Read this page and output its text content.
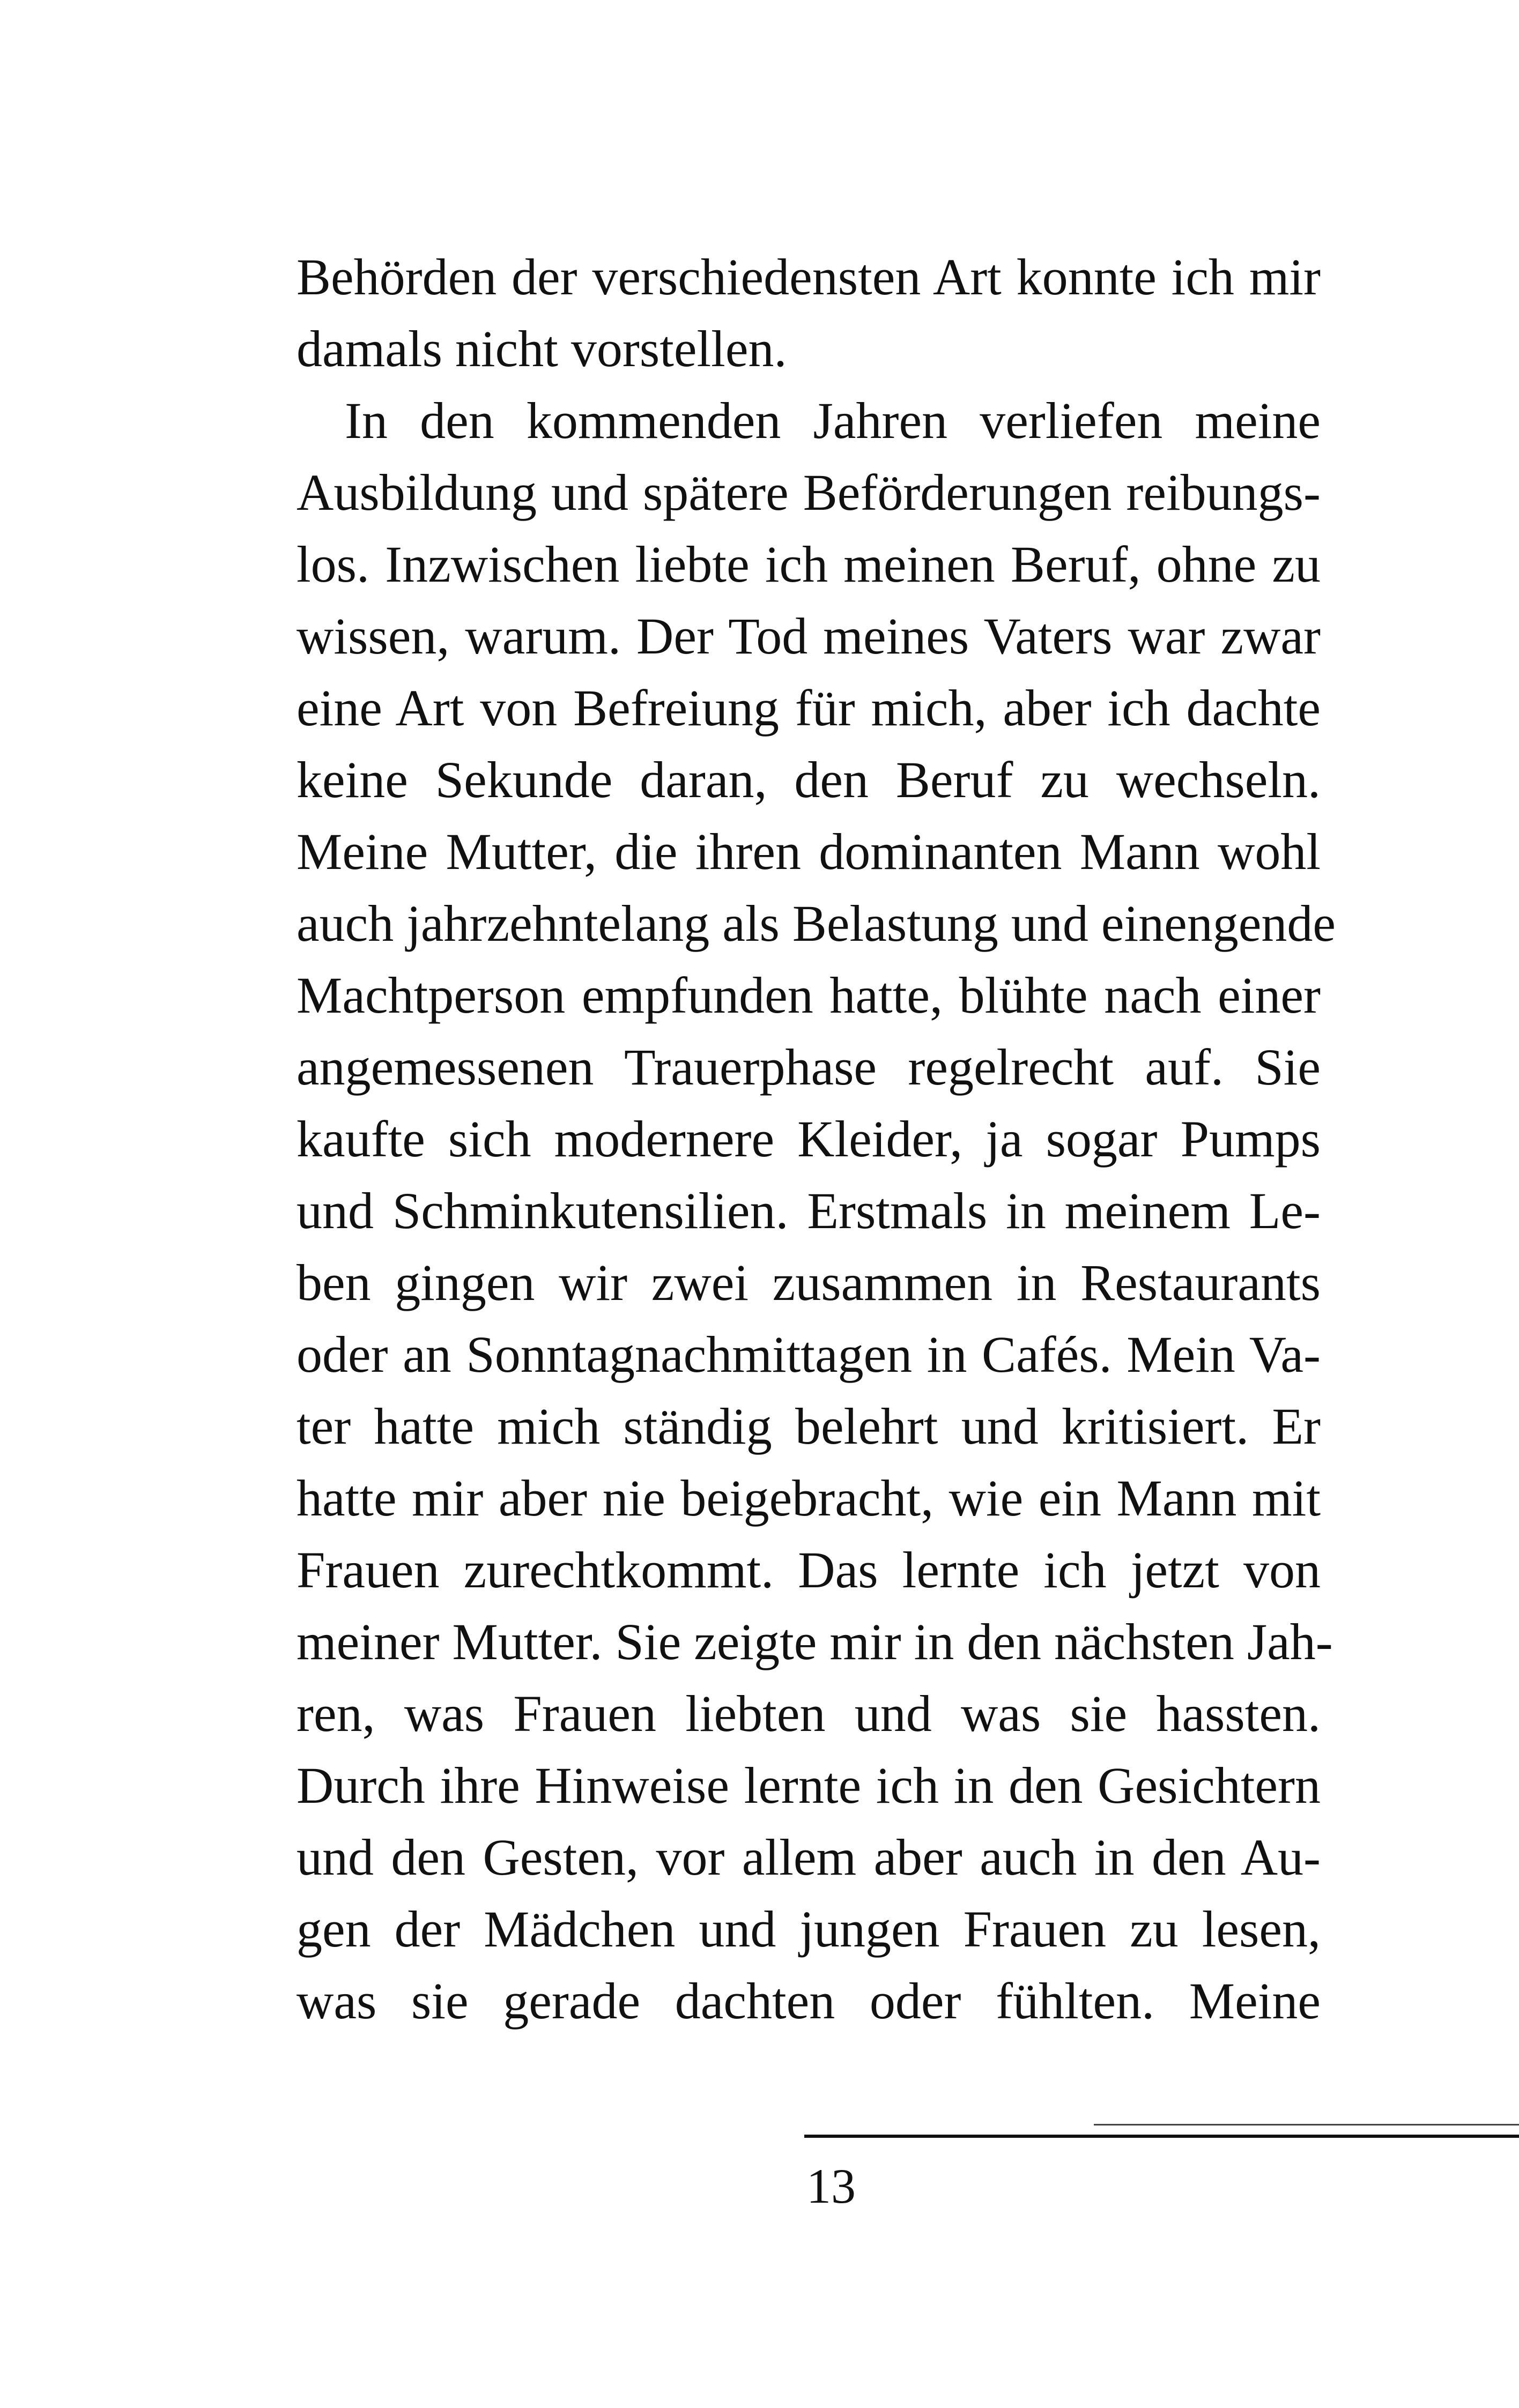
Behörden der verschiedensten Art konnte ich mir
damals nicht vorstellen.
In den kommenden Jahren verliefen meine
Ausbildung und spätere Beförderungen reibungs-
los. Inzwischen liebte ich meinen Beruf, ohne zu
wissen, warum. Der Tod meines Vaters war zwar
eine Art von Befreiung für mich, aber ich dachte
keine Sekunde daran, den Beruf zu wechseln.
Meine Mutter, die ihren dominanten Mann wohl
auch jahrzehntelang als Belastung und einengende
Machtperson empfunden hatte, blühte nach einer
angemessenen Trauerphase regelrecht auf. Sie
kaufte sich modernere Kleider, ja sogar Pumps
und Schminkutensilien. Erstmals in meinem Le-
ben gingen wir zwei zusammen in Restaurants
oder an Sonntagnachmittagen in Cafés. Mein Va-
ter hatte mich ständig belehrt und kritisiert. Er
hatte mir aber nie beigebracht, wie ein Mann mit
Frauen zurechtkommt. Das lernte ich jetzt von
meiner Mutter. Sie zeigte mir in den nächsten Jah-
ren, was Frauen liebten und was sie hassten.
Durch ihre Hinweise lernte ich in den Gesichtern
und den Gesten, vor allem aber auch in den Au-
gen der Mädchen und jungen Frauen zu lesen,
was sie gerade dachten oder fühlten. Meine
13
